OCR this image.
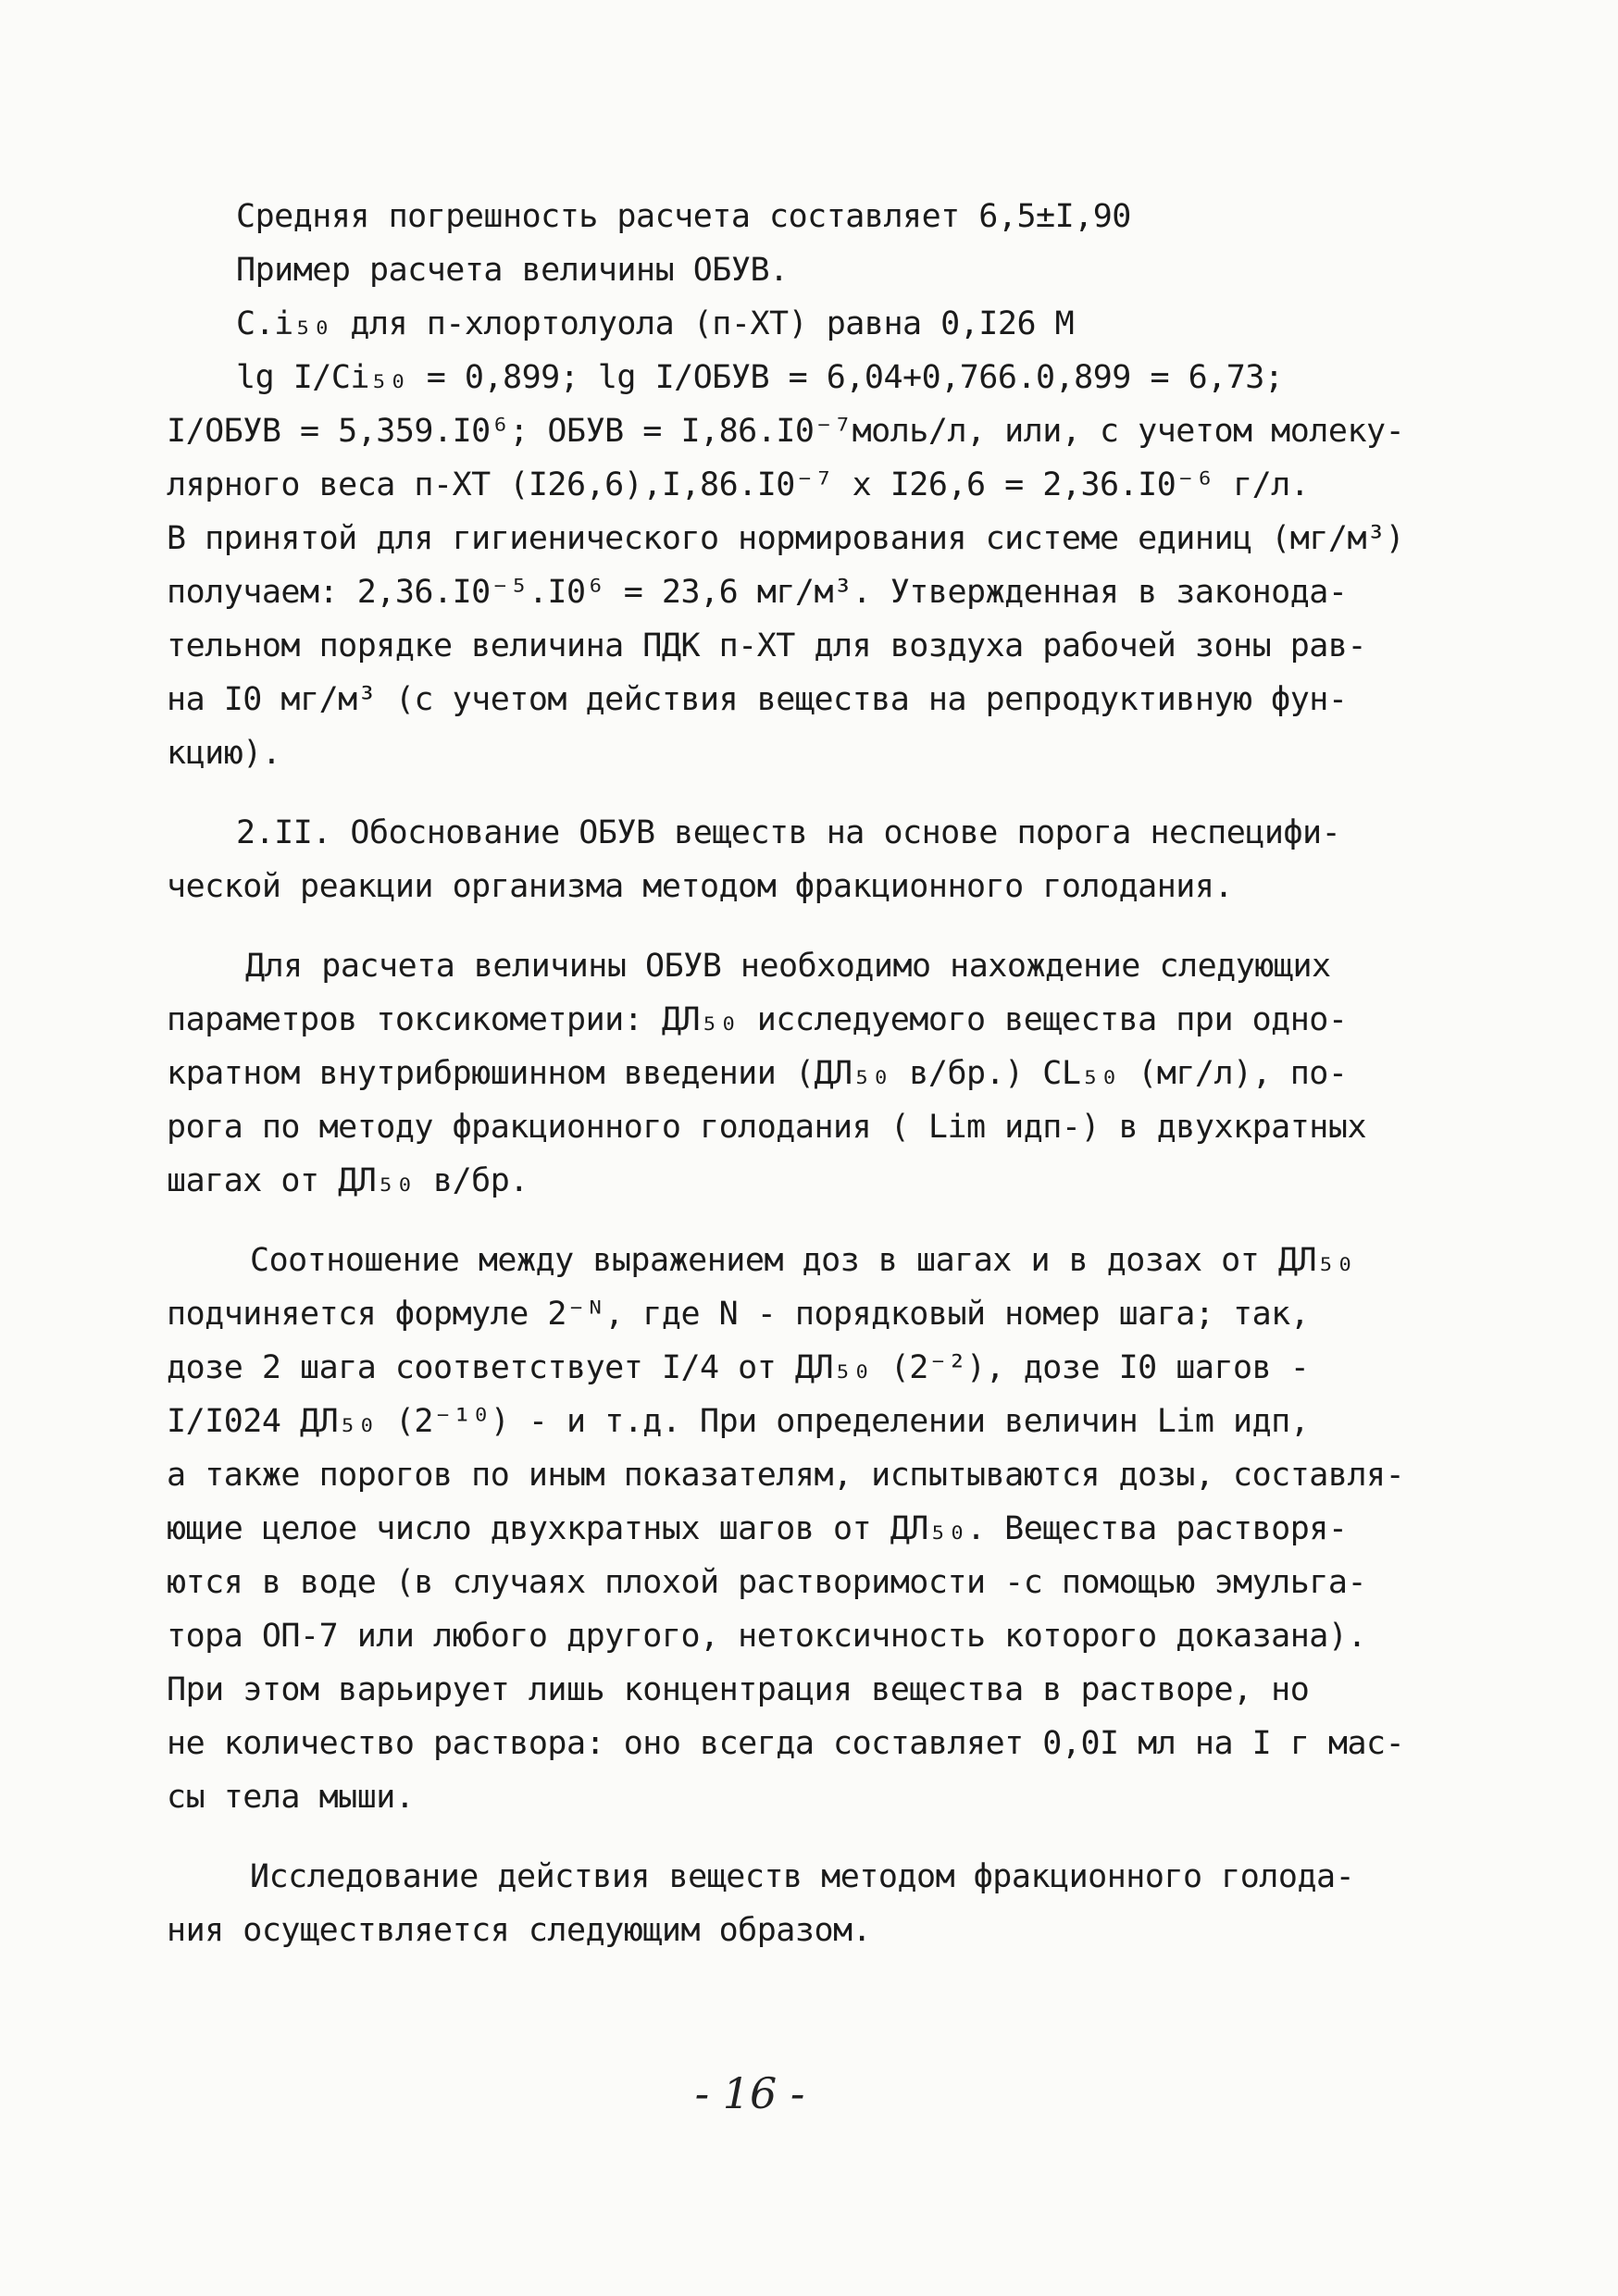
Средняя погрешность расчета составляет 6,5±I,90
Пример расчета величины ОБУВ.
C.i₅₀ для п-хлортолуола (п-ХТ) равна 0,I26 М
lg I/Ci₅₀ = 0,899; lg I/ОБУВ = 6,04+0,766.0,899 = 6,73;
I/ОБУВ = 5,359.I0⁶; ОБУВ = I,86.I0⁻⁷моль/л, или, с учетом молеку-
лярного веса п-ХТ (I26,6),I,86.I0⁻⁷ х I26,6 = 2,36.I0⁻⁶ г/л.
В принятой для гигиенического нормирования системе единиц (мг/м³)
получаем: 2,36.I0⁻⁵.I0⁶ = 23,6 мг/м³. Утвержденная в законода-
тельном порядке величина ПДК п-ХТ для воздуха рабочей зоны рав-
на I0 мг/м³ (с учетом действия вещества на репродуктивную фун-
кцию).
2.II. Обоснование ОБУВ веществ на основе порога неспецифи-
ческой реакции организма методом фракционного голодания.
Для расчета величины ОБУВ необходимо нахождение следующих
параметров токсикометрии: ДЛ₅₀ исследуемого вещества при одно-
кратном внутрибрюшинном введении (ДЛ₅₀ в/бр.) CL₅₀ (мг/л), по-
рога по методу фракционного голодания ( Lim идп-) в двухкратных
шагах от ДЛ₅₀ в/бр.
Соотношение между выражением доз в шагах и в дозах от ДЛ₅₀
подчиняется формуле 2⁻ᴺ, где N - порядковый номер шага; так,
дозе 2 шага соответствует I/4 от ДЛ₅₀ (2⁻²), дозе I0 шагов -
I/I024 ДЛ₅₀ (2⁻¹⁰) - и т.д. При определении величин Lim идп,
а также порогов по иным показателям, испытываются дозы, составля-
ющие целое число двухкратных шагов от ДЛ₅₀. Вещества растворя-
ются в воде (в случаях плохой растворимости -с помощью эмульга-
тора ОП-7 или любого другого, нетоксичность которого доказана).
При этом варьирует лишь концентрация вещества в растворе, но
не количество раствора: оно всегда составляет 0,0I мл на I г мас-
сы тела мыши.
Исследование действия веществ методом фракционного голода-
ния осуществляется следующим образом.
- 16 -
